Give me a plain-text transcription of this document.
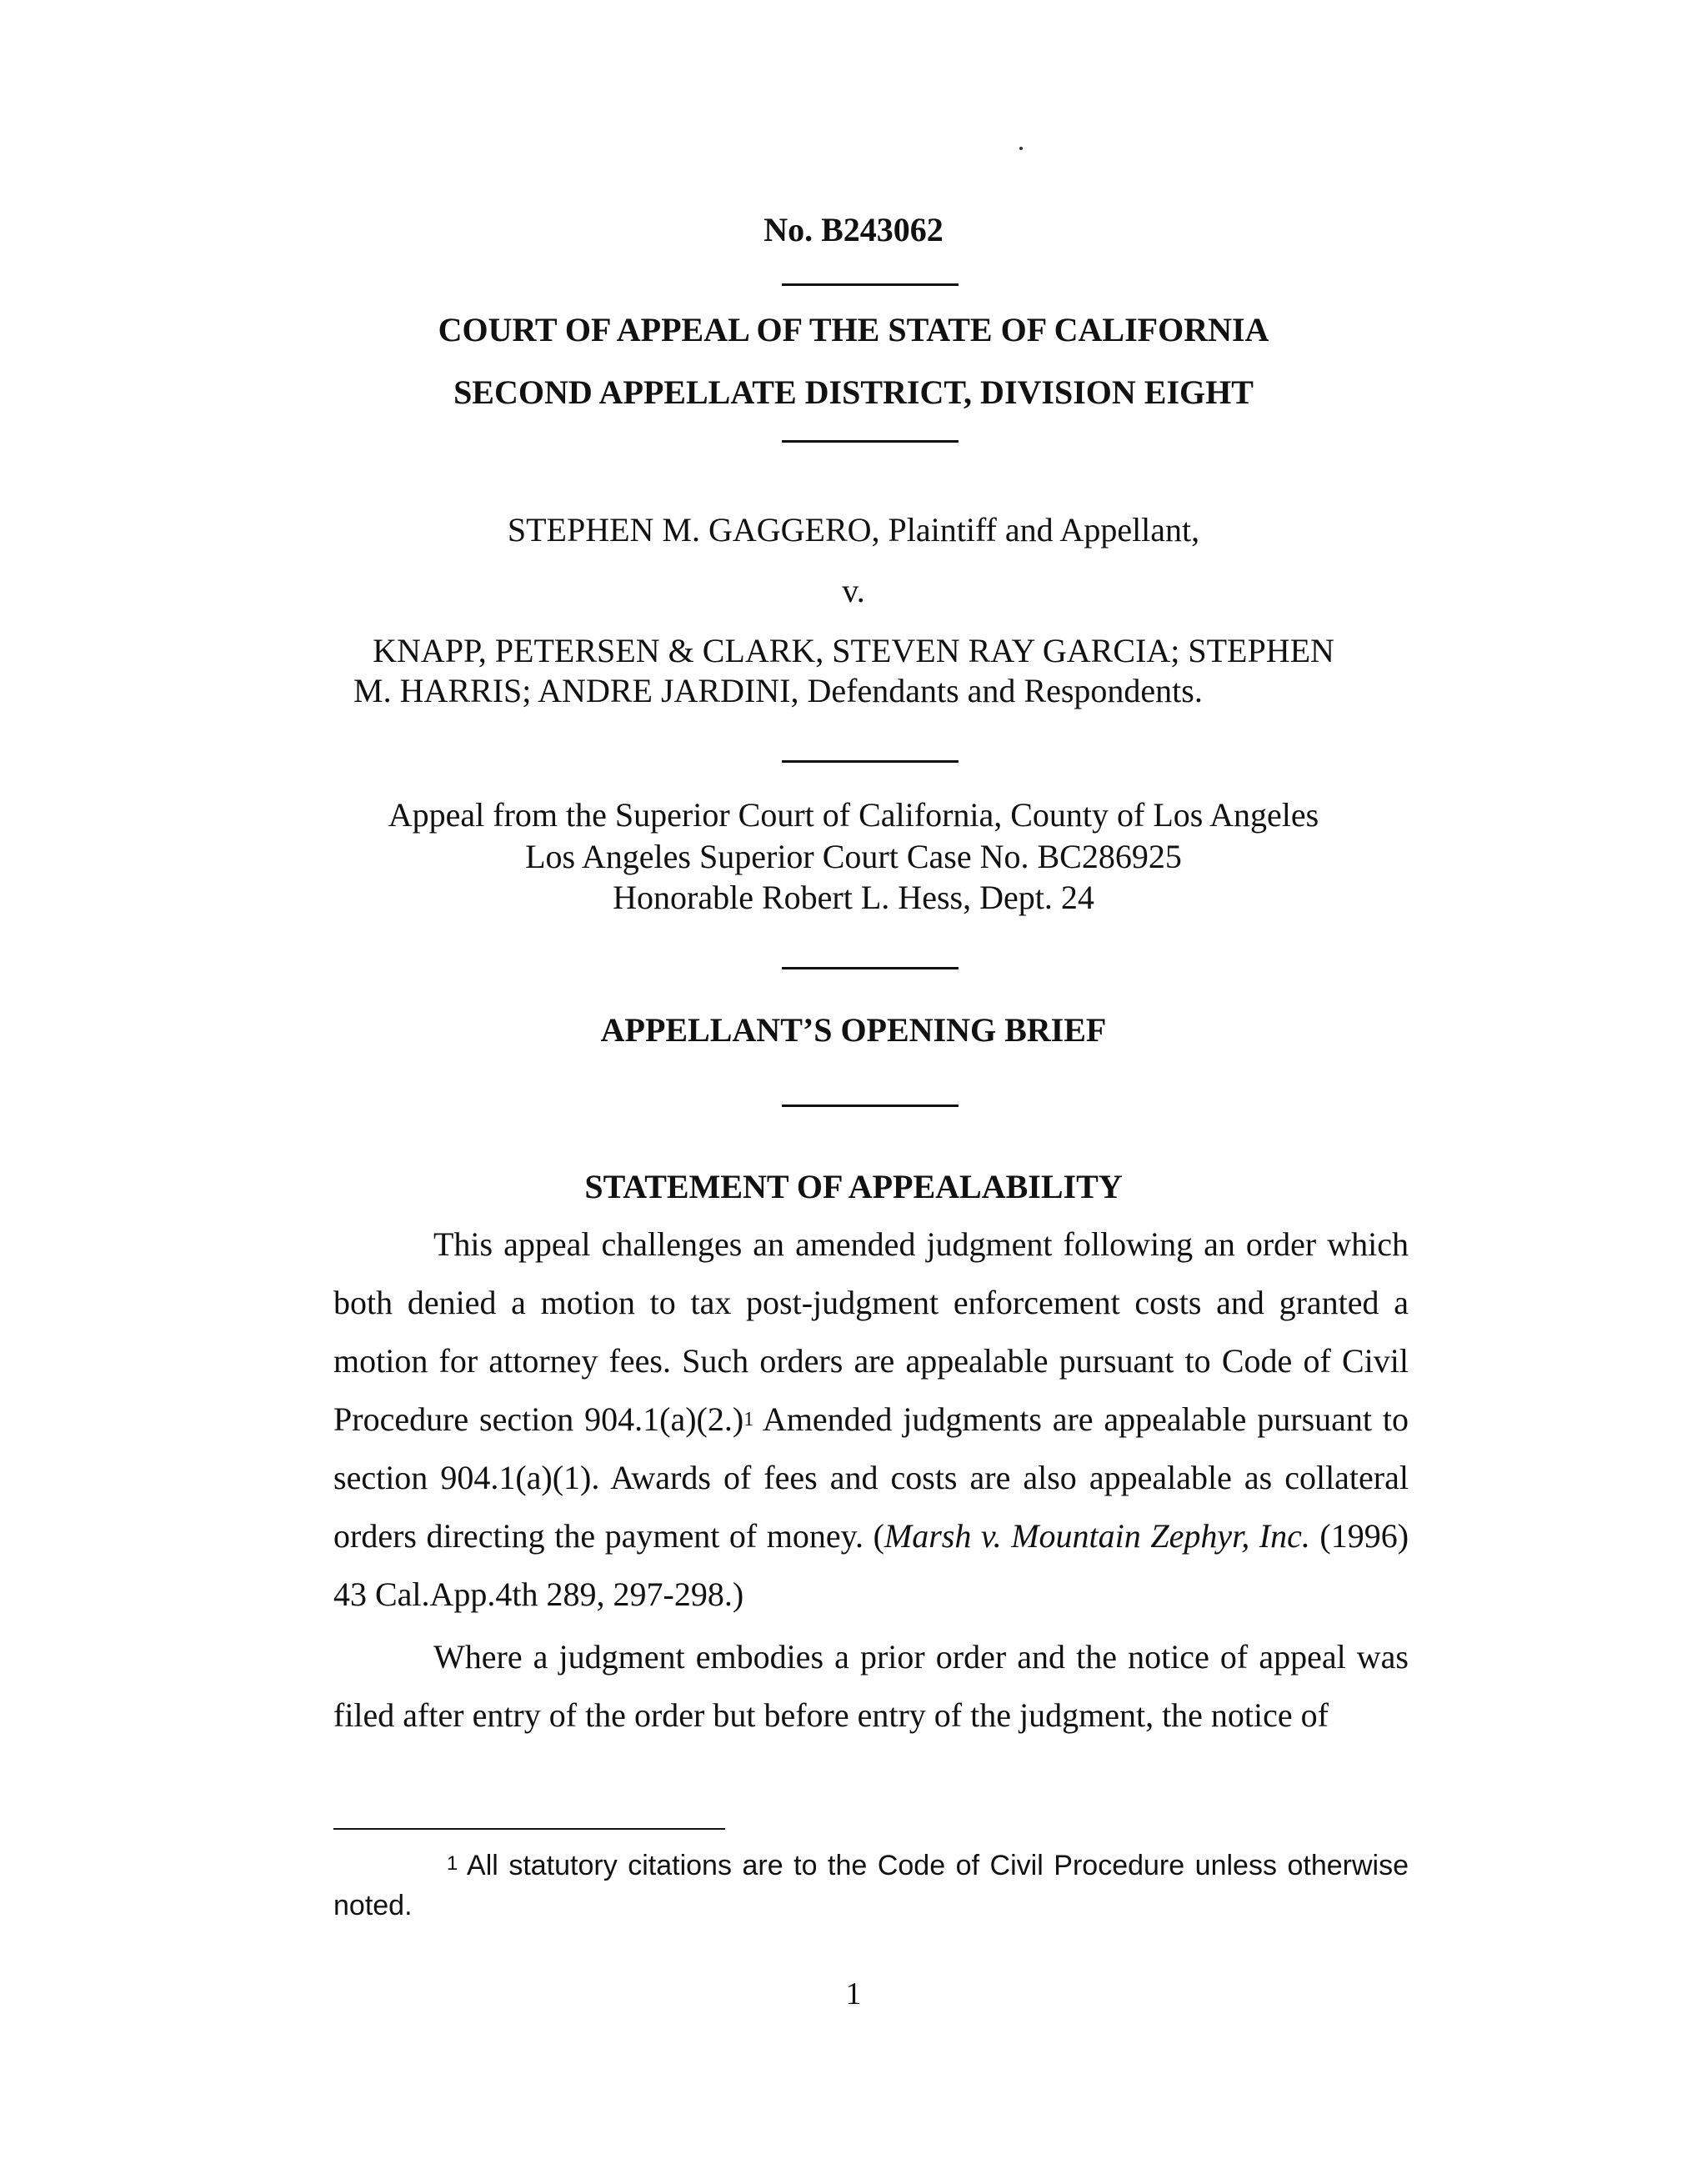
No. B243062
COURT OF APPEAL OF THE STATE OF CALIFORNIA
SECOND APPELLATE DISTRICT, DIVISION EIGHT
STEPHEN M. GAGGERO, Plaintiff and Appellant,
v.
KNAPP, PETERSEN & CLARK, STEVEN RAY GARCIA; STEPHEN
M. HARRIS; ANDRE JARDINI, Defendants and Respondents.
Appeal from the Superior Court of California, County of Los Angeles
Los Angeles Superior Court Case No. BC286925
Honorable Robert L. Hess, Dept. 24
APPELLANT’S OPENING BRIEF
STATEMENT OF APPEALABILITY

This appeal challenges an amended judgment following an order which both denied a motion to tax post-judgment enforcement costs and granted a motion for attorney fees. Such orders are appealable pursuant to Code of Civil Procedure section $904.1(a)(2.)^1$ Amended judgments are appealable pursuant to section 904.1(a)(1). Awards of fees and costs are also appealable as collateral orders directing the payment of money. (Marsh v. Mountain Zephyr, Inc. (1996) 43 Cal.App.4th 289, 297-298.)

Where a judgment embodies a prior order and the notice of appeal was filed after entry of the order but before entry of the judgment, the notice of

$^1$ All statutory citations are to the Code of Civil Procedure unless otherwise noted.

1
